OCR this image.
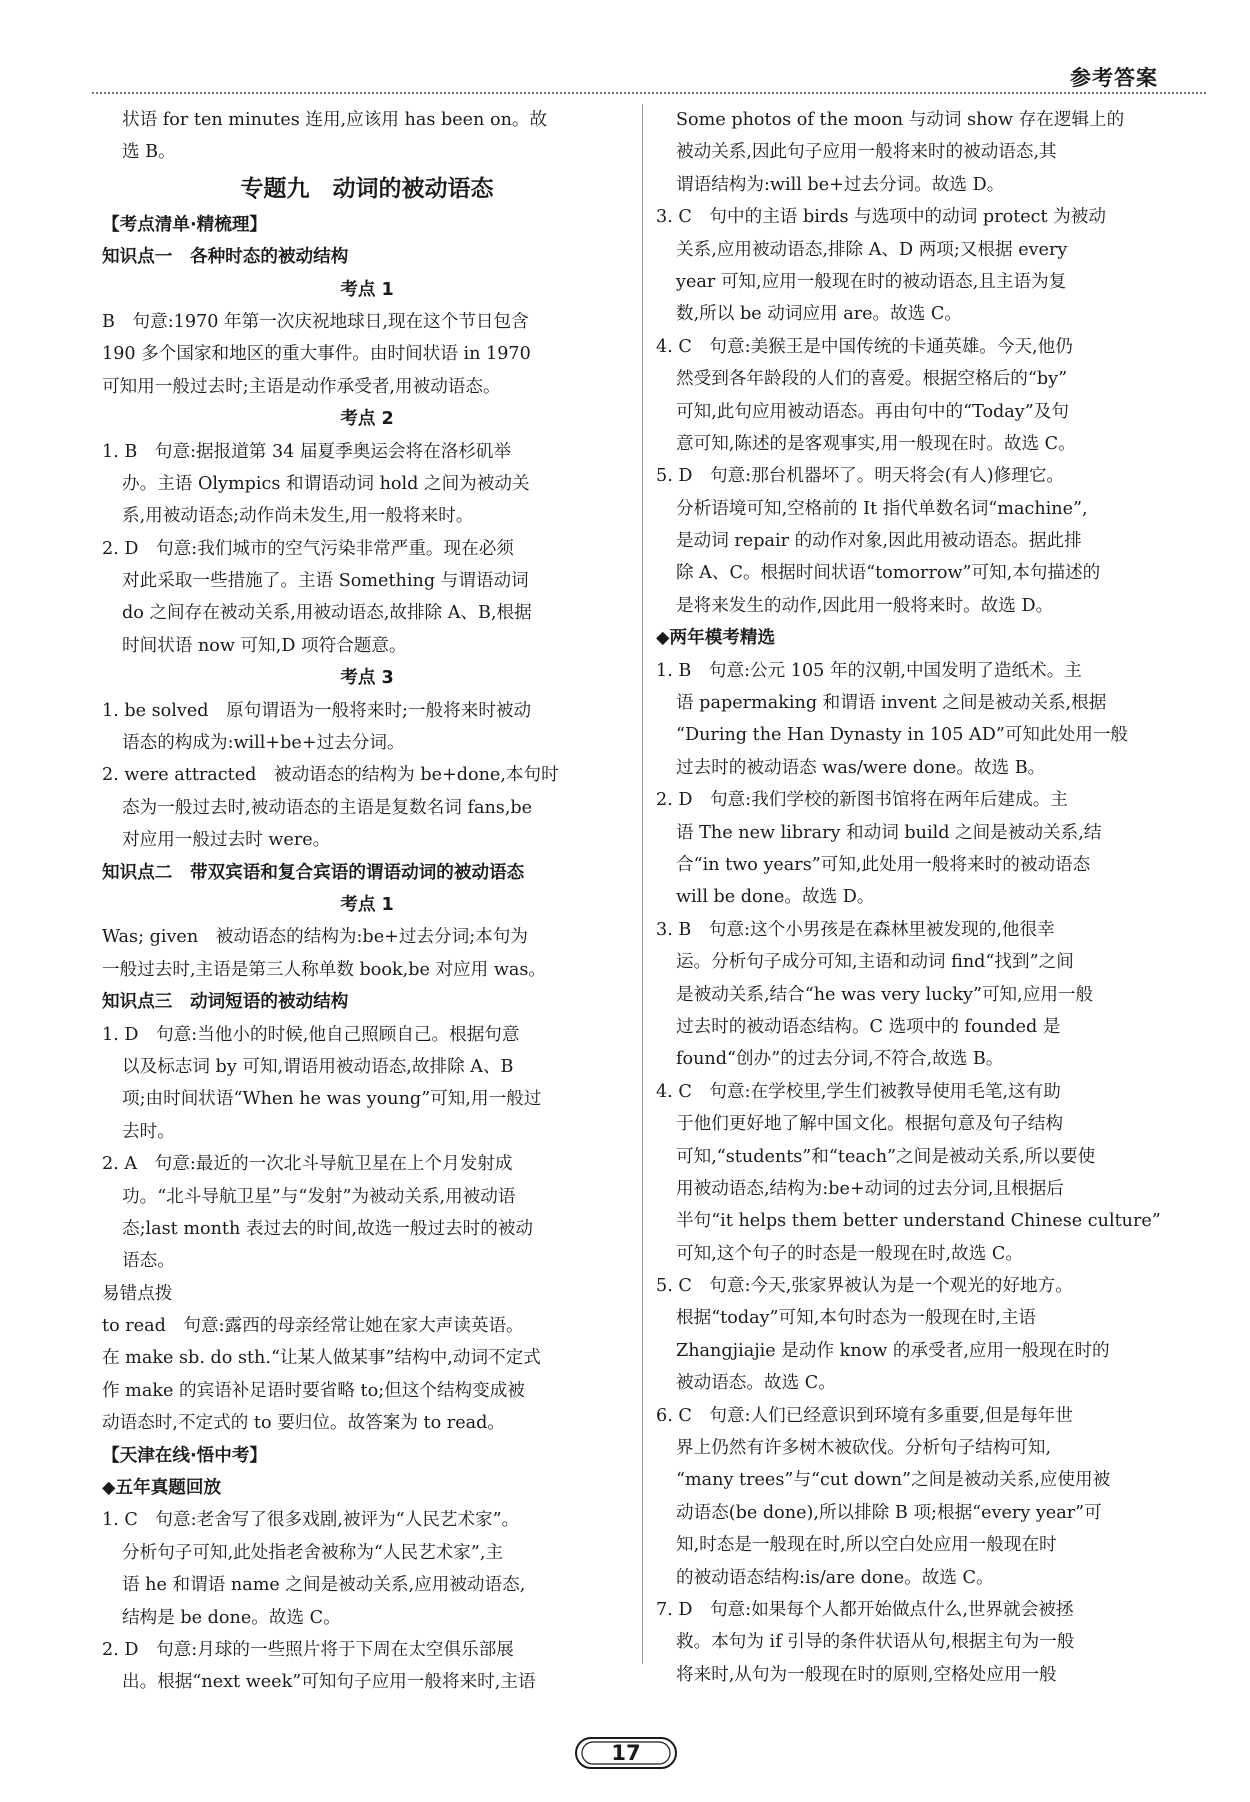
参考答案
状语 for ten minutes 连用,应该用 has been on。故
选 B。
专题九　动词的被动语态
【考点清单·精梳理】
知识点一　各种时态的被动结构
考点 1
B　句意:1970 年第一次庆祝地球日,现在这个节日包含
190 多个国家和地区的重大事件。由时间状语 in 1970
可知用一般过去时;主语是动作承受者,用被动语态。
考点 2
1. B　句意:据报道第 34 届夏季奥运会将在洛杉矶举
办。主语 Olympics 和谓语动词 hold 之间为被动关
系,用被动语态;动作尚未发生,用一般将来时。
2. D　句意:我们城市的空气污染非常严重。现在必须
对此采取一些措施了。主语 Something 与谓语动词
do 之间存在被动关系,用被动语态,故排除 A、B,根据
时间状语 now 可知,D 项符合题意。
考点 3
1. be solved　原句谓语为一般将来时;一般将来时被动
语态的构成为:will+be+过去分词。
2. were attracted　被动语态的结构为 be+done,本句时
态为一般过去时,被动语态的主语是复数名词 fans,be
对应用一般过去时 were。
知识点二　带双宾语和复合宾语的谓语动词的被动语态
考点 1
Was; given　被动语态的结构为:be+过去分词;本句为
一般过去时,主语是第三人称单数 book,be 对应用 was。
知识点三　动词短语的被动结构
1. D　句意:当他小的时候,他自己照顾自己。根据句意
以及标志词 by 可知,谓语用被动语态,故排除 A、B
项;由时间状语“When he was young”可知,用一般过
去时。
2. A　句意:最近的一次北斗导航卫星在上个月发射成
功。“北斗导航卫星”与“发射”为被动关系,用被动语
态;last month 表过去的时间,故选一般过去时的被动
语态。
易错点拨
to read　句意:露西的母亲经常让她在家大声读英语。
在 make sb. do sth.“让某人做某事”结构中,动词不定式
作 make 的宾语补足语时要省略 to;但这个结构变成被
动语态时,不定式的 to 要归位。故答案为 to read。
【天津在线·悟中考】
◆五年真题回放
1. C　句意:老舍写了很多戏剧,被评为“人民艺术家”。
分析句子可知,此处指老舍被称为“人民艺术家”,主
语 he 和谓语 name 之间是被动关系,应用被动语态,
结构是 be done。故选 C。
2. D　句意:月球的一些照片将于下周在太空俱乐部展
出。根据“next week”可知句子应用一般将来时,主语
Some photos of the moon 与动词 show 存在逻辑上的
被动关系,因此句子应用一般将来时的被动语态,其
谓语结构为:will be+过去分词。故选 D。
3. C　句中的主语 birds 与选项中的动词 protect 为被动
关系,应用被动语态,排除 A、D 两项;又根据 every
year 可知,应用一般现在时的被动语态,且主语为复
数,所以 be 动词应用 are。故选 C。
4. C　句意:美猴王是中国传统的卡通英雄。今天,他仍
然受到各年龄段的人们的喜爱。根据空格后的“by”
可知,此句应用被动语态。再由句中的“Today”及句
意可知,陈述的是客观事实,用一般现在时。故选 C。
5. D　句意:那台机器坏了。明天将会(有人)修理它。
分析语境可知,空格前的 It 指代单数名词“machine”,
是动词 repair 的动作对象,因此用被动语态。据此排
除 A、C。根据时间状语“tomorrow”可知,本句描述的
是将来发生的动作,因此用一般将来时。故选 D。
◆两年模考精选
1. B　句意:公元 105 年的汉朝,中国发明了造纸术。主
语 papermaking 和谓语 invent 之间是被动关系,根据
“During the Han Dynasty in 105 AD”可知此处用一般
过去时的被动语态 was/were done。故选 B。
2. D　句意:我们学校的新图书馆将在两年后建成。主
语 The new library 和动词 build 之间是被动关系,结
合“in two years”可知,此处用一般将来时的被动语态
will be done。故选 D。
3. B　句意:这个小男孩是在森林里被发现的,他很幸
运。分析句子成分可知,主语和动词 find“找到”之间
是被动关系,结合“he was very lucky”可知,应用一般
过去时的被动语态结构。C 选项中的 founded 是
found“创办”的过去分词,不符合,故选 B。
4. C　句意:在学校里,学生们被教导使用毛笔,这有助
于他们更好地了解中国文化。根据句意及句子结构
可知,“students”和“teach”之间是被动关系,所以要使
用被动语态,结构为:be+动词的过去分词,且根据后
半句“it helps them better understand Chinese culture”
可知,这个句子的时态是一般现在时,故选 C。
5. C　句意:今天,张家界被认为是一个观光的好地方。
根据“today”可知,本句时态为一般现在时,主语
Zhangjiajie 是动作 know 的承受者,应用一般现在时的
被动语态。故选 C。
6. C　句意:人们已经意识到环境有多重要,但是每年世
界上仍然有许多树木被砍伐。分析句子结构可知,
“many trees”与“cut down”之间是被动关系,应使用被
动语态(be done),所以排除 B 项;根据“every year”可
知,时态是一般现在时,所以空白处应用一般现在时
的被动语态结构:is/are done。故选 C。
7. D　句意:如果每个人都开始做点什么,世界就会被拯
救。本句为 if 引导的条件状语从句,根据主句为一般
将来时,从句为一般现在时的原则,空格处应用一般
17
